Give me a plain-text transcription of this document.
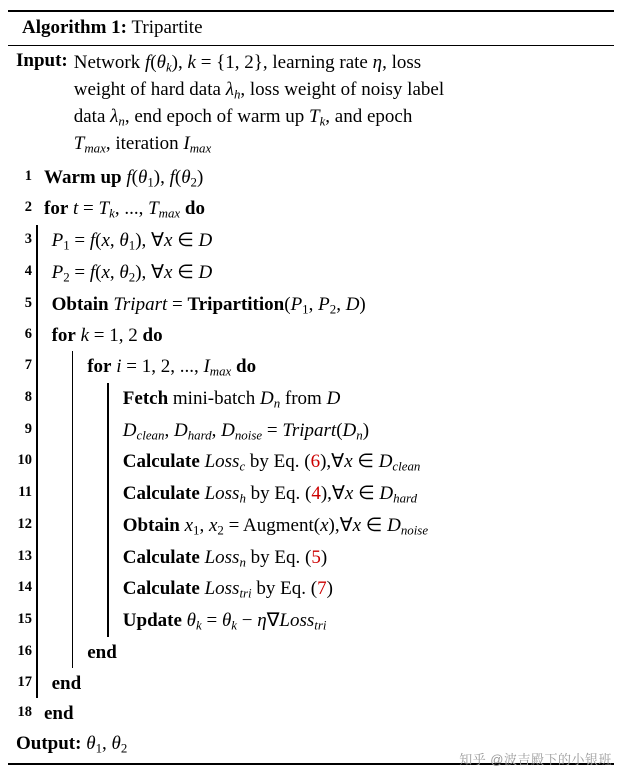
Algorithm 1: Tripartite
Input: Network $f(\theta_k)$, k = {1, 2}, learning rate η, loss
weight of hard data $\lambda_h$, loss weight of noisy label
data $\lambda_n$, end epoch of warm up $T_k$, and epoch
$T_{max}$, iteration $I_{max}$
1 Warm up $f(\theta_1)$, $f(\theta_2)$
2 for $t = T_k$, ..., $T_{max}$ do
3	$P_1 = f(x$, $\theta_1$), ∀x ∈ D
4	$P_2 = f(x$, $\theta_2$), ∀x ∈ D
5	Obtain Tripart = $Tripartition(P_1$, $P_2$, D)
6	for k = 1, 2 do
7	for i = 1, 2, ..., $I_{max}$ do
8	Fetch mini-batch $D_n$ from D
9	$D_{clean}$, $D_{hard}$, $D_{noise}$ = $Tripart(D_n)$
10	Calculate Loss$_c$ by Eq. (6),∀x ∈ $D_{clean}$
11	Calculate Loss$_h$ by Eq. (4),∀x ∈ $D_{hard}$
12	Obtain $x_1$, $x_2$ = Augment(x),∀x ∈ $D_{noise}$
13	Calculate Loss$_n$ by Eq. (5)
14	Calculate Loss$_{tri}$ by Eq. (7)
15	Update $\theta_k = \theta_k$ − η∇Loss$_{tri}$
16	end
17	end
18 end
Output: $\theta_1$, $\theta_2$
知乎 @波吉殿下的小银班
